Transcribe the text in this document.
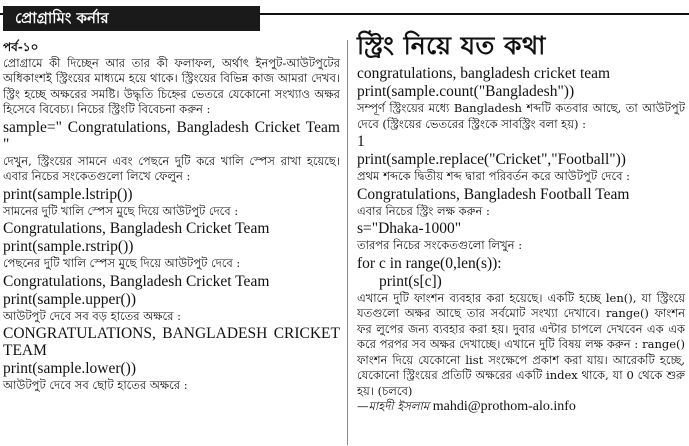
প্রোগ্রামিং কর্নার

পর্ব-১০

প্রোগ্রামে কী দিচ্ছেন আর তার কী ফলাফল, অর্থাৎ ইনপুট-আউটপুটের অধিকাংশই স্ট্রিংয়ের মাধ্যমে হয়ে থাকে। স্ট্রিংয়ের বিভিন্ন কাজ আমরা দেখব। স্ট্রিং হচ্ছে অক্ষরের সমষ্টি। উদ্ধৃতি চিহ্নের ভেতরে যেকোনো সংখ্যাও অক্ষর হিসেবে বিবেচ্য। নিচের স্ট্রিংটি বিবেচনা করুন :

sample=" Congratulations, Bangladesh Cricket Team "

দেখুন, স্ট্রিংয়ের সামনে এবং পেছনে দুটি করে খালি স্পেস রাখা হয়েছে। এবার নিচের সংকেতগুলো লিখে ফেলুন :

print(sample.lstrip())

সামনের দুটি খালি স্পেস মুছে দিয়ে আউটপুট দেবে :

Congratulations, Bangladesh Cricket Team

print(sample.rstrip())

পেছনের দুটি খালি স্পেস মুছে দিয়ে আউটপুট দেবে :

Congratulations, Bangladesh Cricket Team

print(sample.upper())

আউটপুট দেবে সব বড় হাতের অক্ষরে :

CONGRATULATIONS, BANGLADESH CRICKET TEAM

print(sample.lower())

আউটপুট দেবে সব ছোট হাতের অক্ষরে :

স্ট্রিং নিয়ে যত কথা

congratulations, bangladesh cricket team

print(sample.count("Bangladesh"))

সম্পূর্ণ স্ট্রিংয়ের মধ্যে Bangladesh শব্দটি কতবার আছে, তা আউটপুট দেবে (স্ট্রিংয়ের ভেতরের স্ট্রিংকে সাবস্ট্রিং বলা হয়) :

1

print(sample.replace("Cricket","Football"))

প্রথম শব্দকে দ্বিতীয় শব্দ দ্বারা পরিবর্তন করে আউটপুট দেবে :

Congratulations, Bangladesh Football Team

এবার নিচের স্ট্রিং লক্ষ করুন :

s="Dhaka-1000"

তারপর নিচের সংকেতগুলো লিখুন :

for c in range(0,len(s)):

print(s[c])

এখানে দুটি ফাংশন ব্যবহার করা হয়েছে। একটি হচ্ছে len(), যা স্ট্রিংয়ে যতগুলো অক্ষর আছে তার সর্বমোট সংখ্যা দেখাবে। range() ফাংশন ফর লুপের জন্য ব্যবহার করা হয়। দুবার এন্টার চাপলে দেখবেন এক এক করে পরপর সব অক্ষর দেখাচ্ছে। এখানে দুটি বিষয় লক্ষ করুন : range() ফাংশন দিয়ে যেকোনো list সংক্ষেপে প্রকাশ করা যায়। আরেকটি হচ্ছে, যেকোনো স্ট্রিংয়ের প্রতিটি অক্ষরের একটি index থাকে, যা 0 থেকে শুরু হয়। (চলবে)

—মাহদী ইসলাম mahdi@prothom-alo.info
